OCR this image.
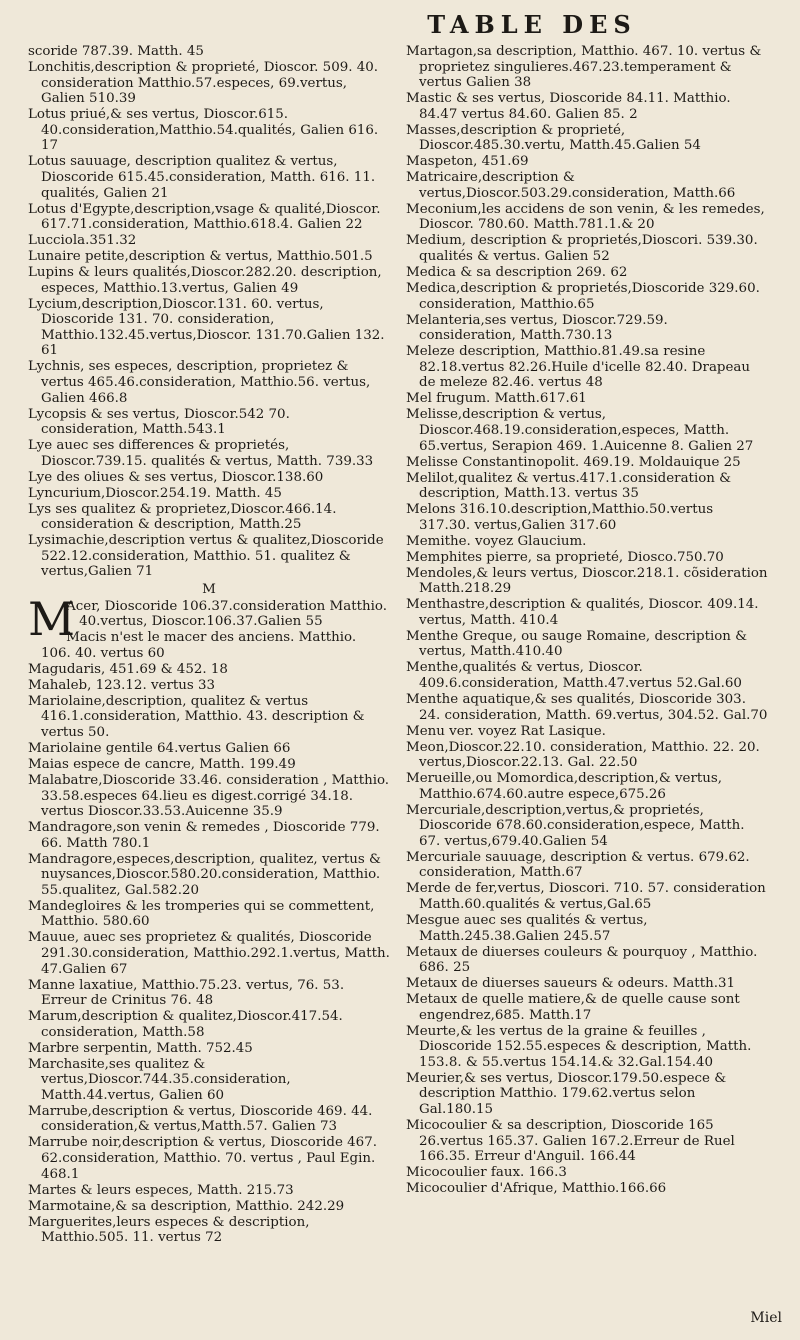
TABLE DES

scoride 787.39. Matth. 45

Lonchitis,description & proprieté, Dioscor. 509. 40. consideration Matthio.57.especes, 69.vertus, Galien 510.39

Lotus priué,& ses vertus, Dioscor.615. 40.consideration,Matthio.54.qualités, Galien 616. 17

Lotus sauuage, description qualitez & vertus, Dioscoride 615.45.consideration, Matth. 616. 11. qualités, Galien 21

Lotus d'Egypte,description,vsage & qualité,Dioscor. 617.71.consideration, Matthio.618.4. Galien 22

Lucciola.351.32

Lunaire petite,description & vertus, Matthio.501.5

Lupins & leurs qualités,Dioscor.282.20. description, especes, Matthio.13.vertus, Galien 49

Lycium,description,Dioscor.131. 60. vertus, Dioscoride 131. 70. consideration, Matthio.132.45.vertus,Dioscor. 131.70.Galien 132. 61

Lychnis, ses especes, description, proprietez & vertus 465.46.consideration, Matthio.56. vertus, Galien 466.8

Lycopsis & ses vertus, Dioscor.542 70. consideration, Matth.543.1

Lye auec ses differences & proprietés, Dioscor.739.15. qualités & vertus, Matth. 739.33

Lye des oliues & ses vertus, Dioscor.138.60

Lyncurium,Dioscor.254.19. Matth. 45

Lys ses qualitez & proprietez,Dioscor.466.14. consideration & description, Matth.25

Lysimachie,description vertus & qualitez,Dioscoride 522.12.consideration, Matthio. 51. qualitez & vertus,Galien 71

M

M
Acer, Dioscoride 106.37.consideration Matthio. 40.vertus, Dioscor.106.37.Galien 55

Macis n'est le macer des anciens. Matthio. 106. 40. vertus 60

Magudaris, 451.69 & 452. 18

Mahaleb, 123.12. vertus 33

Mariolaine,description, qualitez & vertus 416.1.consideration, Matthio. 43. description & vertus 50.

Mariolaine gentile 64.vertus Galien 66

Maias espece de cancre, Matth. 199.49

Malabatre,Dioscoride 33.46. consideration , Matthio. 33.58.especes 64.lieu es digest.corrigé 34.18. vertus Dioscor.33.53.Auicenne 35.9

Mandragore,son venin & remedes , Dioscoride 779. 66. Matth 780.1

Mandragore,especes,description, qualitez, vertus & nuysances,Dioscor.580.20.consideration, Matthio. 55.qualitez, Gal.582.20

Mandegloires & les tromperies qui se commettent, Matthio. 580.60

Mauue, auec ses proprietez & qualités, Dioscoride 291.30.consideration, Matthio.292.1.vertus, Matth. 47.Galien 67

Manne laxatiue, Matthio.75.23. vertus, 76. 53. Erreur de Crinitus 76. 48

Marum,description & qualitez,Dioscor.417.54. consideration, Matth.58

Marbre serpentin, Matth. 752.45

Marchasite,ses qualitez & vertus,Dioscor.744.35.consideration, Matth.44.vertus, Galien 60

Marrube,description & vertus, Dioscoride 469. 44. consideration,& vertus,Matth.57. Galien 73

Marrube noir,description & vertus, Dioscoride 467. 62.consideration, Matthio. 70. vertus , Paul Egin. 468.1

Martes & leurs especes, Matth. 215.73

Marmotaine,& sa description, Matthio. 242.29

Marguerites,leurs especes & description, Matthio.505. 11. vertus 72

Martagon,sa description, Matthio. 467. 10. vertus & proprietez singulieres.467.23.temperament & vertus Galien 38

Mastic & ses vertus, Dioscoride 84.11. Matthio. 84.47 vertus 84.60. Galien 85. 2

Masses,description & proprieté, Dioscor.485.30.vertu, Matth.45.Galien 54

Maspeton, 451.69

Matricaire,description & vertus,Dioscor.503.29.consideration, Matth.66

Meconium,les accidens de son venin, & les remedes, Dioscor. 780.60. Matth.781.1.& 20

Medium, description & proprietés,Dioscori. 539.30. qualités & vertus. Galien 52

Medica & sa description 269. 62

Medica,description & proprietés,Dioscoride 329.60. consideration, Matthio.65

Melanteria,ses vertus, Dioscor.729.59. consideration, Matth.730.13

Meleze description, Matthio.81.49.sa resine 82.18.vertus 82.26.Huile d'icelle 82.40. Drapeau de meleze 82.46. vertus 48

Mel frugum. Matth.617.61

Melisse,description & vertus, Dioscor.468.19.consideration,especes, Matth. 65.vertus, Serapion 469. 1.Auicenne 8. Galien 27

Melisse Constantinopolit. 469.19. Moldauique 25

Melilot,qualitez & vertus.417.1.consideration & description, Matth.13. vertus 35

Melons 316.10.description,Matthio.50.vertus 317.30. vertus,Galien 317.60

Memithe. voyez Glaucium.

Memphites pierre, sa proprieté, Diosco.750.70

Mendoles,& leurs vertus, Dioscor.218.1. cõsideration Matth.218.29

Menthastre,description & qualités, Dioscor. 409.14. vertus, Matth. 410.4

Menthe Greque, ou sauge Romaine, description & vertus, Matth.410.40

Menthe,qualités & vertus, Dioscor. 409.6.consideration, Matth.47.vertus 52.Gal.60

Menthe aquatique,& ses qualités, Dioscoride 303. 24. consideration, Matth. 69.vertus, 304.52. Gal.70

Menu ver. voyez Rat Lasique.

Meon,Dioscor.22.10. consideration, Matthio. 22. 20. vertus,Dioscor.22.13. Gal. 22.50

Merueille,ou Momordica,description,& vertus, Matthio.674.60.autre espece,675.26

Mercuriale,description,vertus,& proprietés, Dioscoride 678.60.consideration,espece, Matth. 67. vertus,679.40.Galien 54

Mercuriale sauuage, description & vertus. 679.62. consideration, Matth.67

Merde de fer,vertus, Dioscori. 710. 57. consideration Matth.60.qualités & vertus,Gal.65

Mesgue auec ses qualités & vertus, Matth.245.38.Galien 245.57

Metaux de diuerses couleurs & pourquoy , Matthio. 686. 25

Metaux de diuerses saueurs & odeurs. Matth.31

Metaux de quelle matiere,& de quelle cause sont engendrez,685. Matth.17

Meurte,& les vertus de la graine & feuilles , Dioscoride 152.55.especes & description, Matth. 153.8. & 55.vertus 154.14.& 32.Gal.154.40

Meurier,& ses vertus, Dioscor.179.50.espece & description Matthio. 179.62.vertus selon Gal.180.15

Micocoulier & sa description, Dioscoride 165 26.vertus 165.37. Galien 167.2.Erreur de Ruel 166.35. Erreur d'Anguil. 166.44

Micocoulier faux. 166.3

Micocoulier d'Afrique, Matthio.166.66

Miel
